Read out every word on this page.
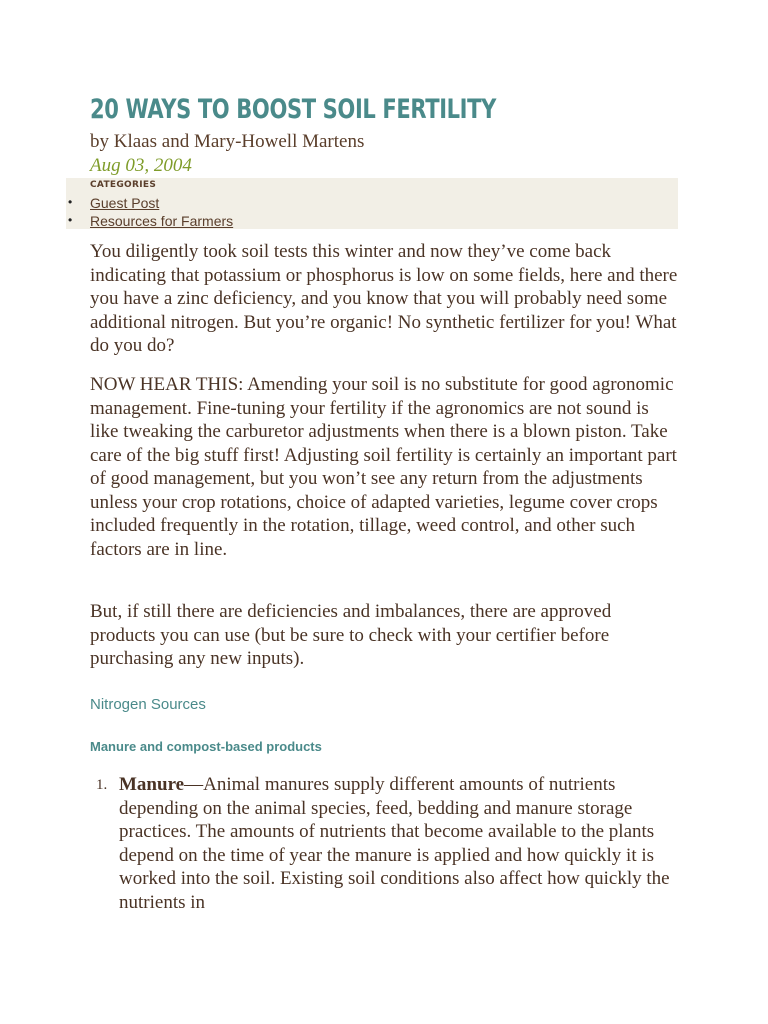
20 WAYS TO BOOST SOIL FERTILITY
by Klaas and Mary-Howell Martens
Aug 03, 2004
CATEGORIES
• Guest Post
• Resources for Farmers

You diligently took soil tests this winter and now they’ve come back indicating that potassium or phosphorus is low on some fields, here and there you have a zinc deficiency, and you know that you will probably need some additional nitrogen. But you’re organic! No synthetic fertilizer for you! What do you do?

NOW HEAR THIS: Amending your soil is no substitute for good agronomic management. Fine-tuning your fertility if the agronomics are not sound is like tweaking the carburetor adjustments when there is a blown piston. Take care of the big stuff first! Adjusting soil fertility is certainly an important part of good management, but you won’t see any return from the adjustments unless your crop rotations, choice of adapted varieties, legume cover crops included frequently in the rotation, tillage, weed control, and other such factors are in line.

But, if still there are deficiencies and imbalances, there are approved products you can use (but be sure to check with your certifier before purchasing any new inputs).

Nitrogen Sources
Manure and compost-based products
1. Manure—Animal manures supply different amounts of nutrients depending on the animal species, feed, bedding and manure storage practices. The amounts of nutrients that become available to the plants depend on the time of year the manure is applied and how quickly it is worked into the soil. Existing soil conditions also affect how quickly the nutrients in
